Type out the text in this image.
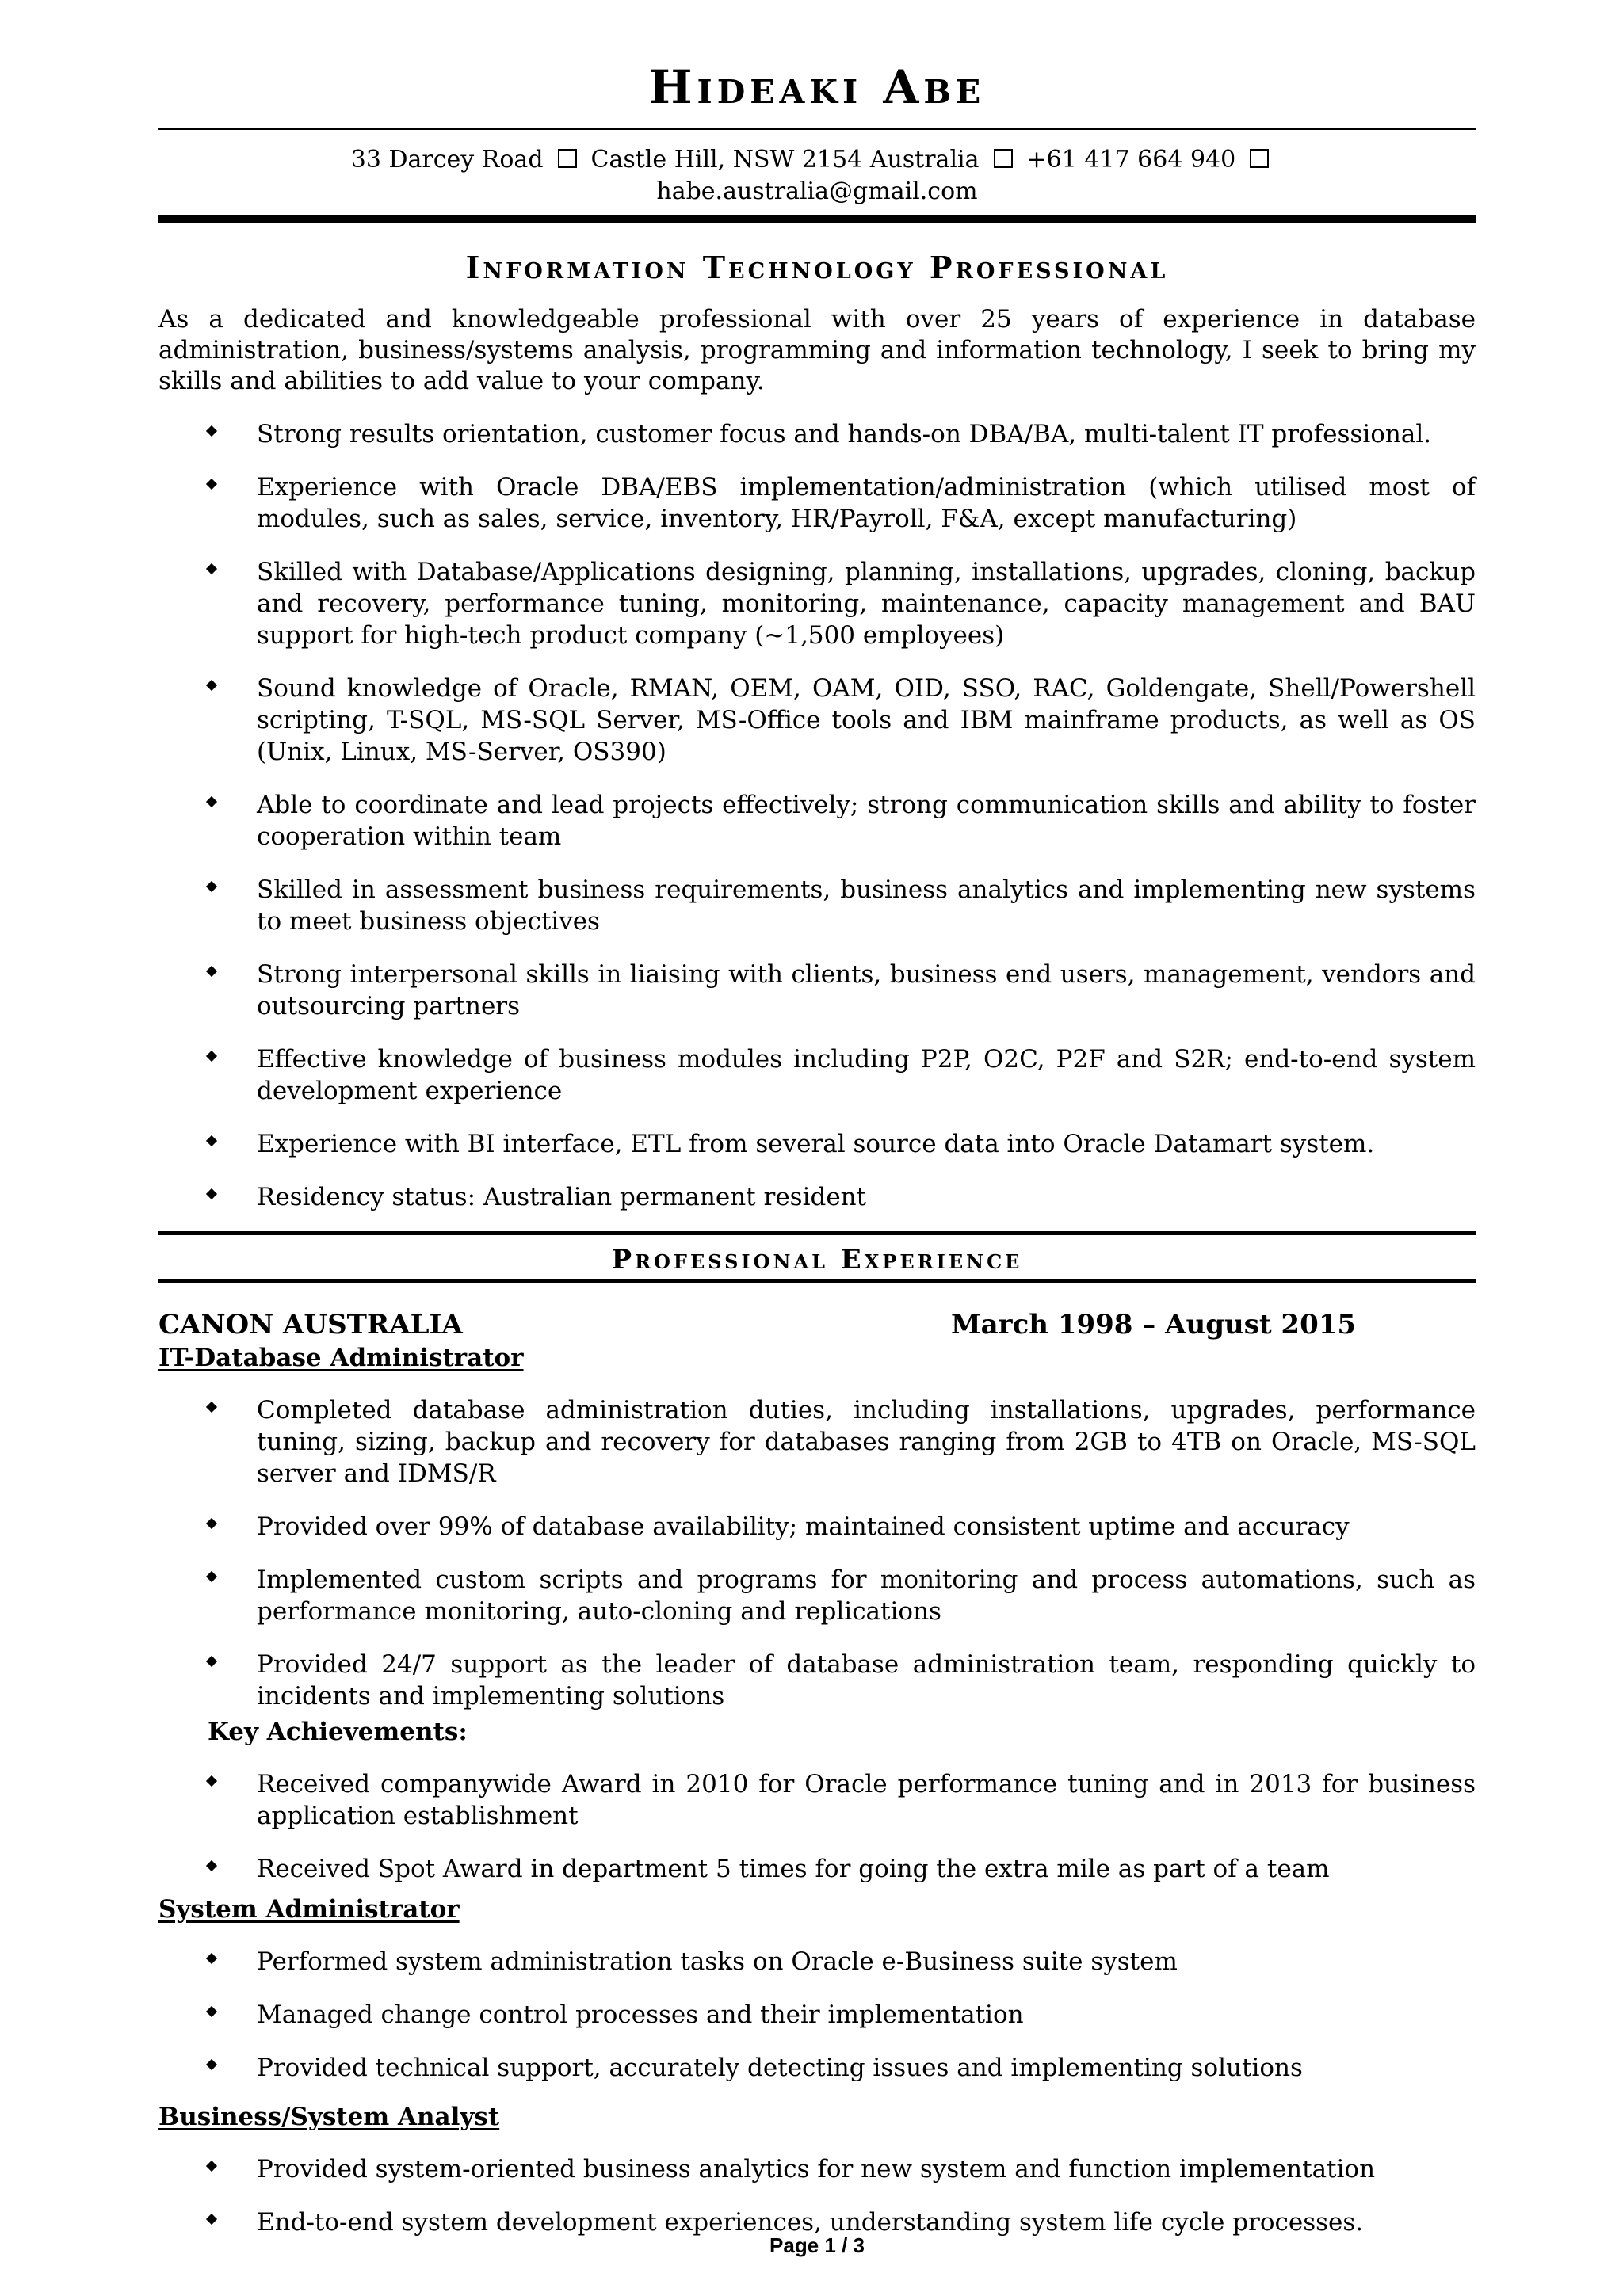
Hideaki Abe
33 Darcey Road Castle Hill, NSW 2154 Australia +61 417 664 940
habe.australia@gmail.com
Information Technology Professional

As a dedicated and knowledgeable professional with over 25 years of experience in database administration, business/systems analysis, programming and information technology, I seek to bring my skills and abilities to add value to your company.

Strong results orientation, customer focus and hands-on DBA/BA, multi-talent IT professional.
Experience with Oracle DBA/EBS implementation/administration (which utilised most of modules, such as sales, service, inventory, HR/Payroll, F&A, except manufacturing)
Skilled with Database/Applications designing, planning, installations, upgrades, cloning, backup and recovery, performance tuning, monitoring, maintenance, capacity management and BAU support for high-tech product company (~1,500 employees)
Sound knowledge of Oracle, RMAN, OEM, OAM, OID, SSO, RAC, Goldengate, Shell/Powershell scripting, T-SQL, MS-SQL Server, MS-Office tools and IBM mainframe products, as well as OS (Unix, Linux, MS-Server, OS390)
Able to coordinate and lead projects effectively; strong communication skills and ability to foster cooperation within team
Skilled in assessment business requirements, business analytics and implementing new systems to meet business objectives
Strong interpersonal skills in liaising with clients, business end users, management, vendors and outsourcing partners
Effective knowledge of business modules including P2P, O2C, P2F and S2R; end-to-end system development experience
Experience with BI interface, ETL from several source data into Oracle Datamart system.
Residency status: Australian permanent resident
Professional Experience
CANON AUSTRALIA	March 1998 – August 2015
IT-Database Administrator
Completed database administration duties, including installations, upgrades, performance tuning, sizing, backup and recovery for databases ranging from 2GB to 4TB on Oracle, MS-SQL server and IDMS/R
Provided over 99% of database availability; maintained consistent uptime and accuracy
Implemented custom scripts and programs for monitoring and process automations, such as performance monitoring, auto-cloning and replications
Provided 24/7 support as the leader of database administration team, responding quickly to incidents and implementing solutions
Key Achievements:
Received companywide Award in 2010 for Oracle performance tuning and in 2013 for business application establishment
Received Spot Award in department 5 times for going the extra mile as part of a team
System Administrator
Performed system administration tasks on Oracle e-Business suite system
Managed change control processes and their implementation
Provided technical support, accurately detecting issues and implementing solutions
Business/System Analyst
Provided system-oriented business analytics for new system and function implementation
End-to-end system development experiences, understanding system life cycle processes.
Page 1 / 3
